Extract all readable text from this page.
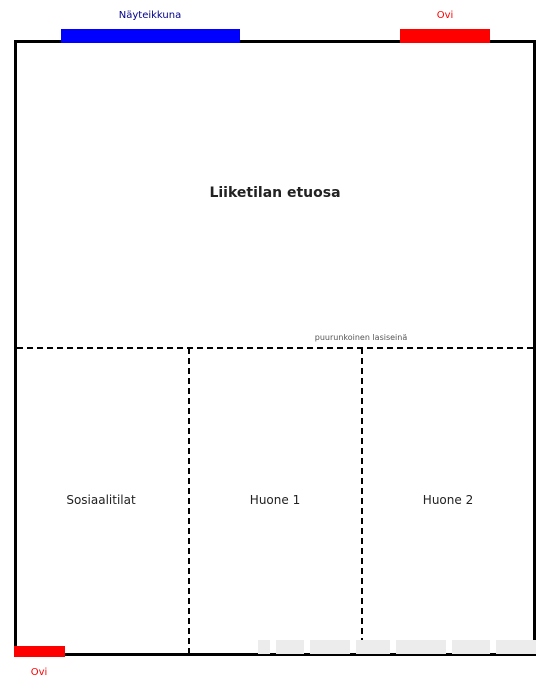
Näyteikkuna	Ovi
Ovi
Liiketilan etuosa
puurunkoinen lasiseinä
Sosiaalitilat	Huone 1	Huone 2
